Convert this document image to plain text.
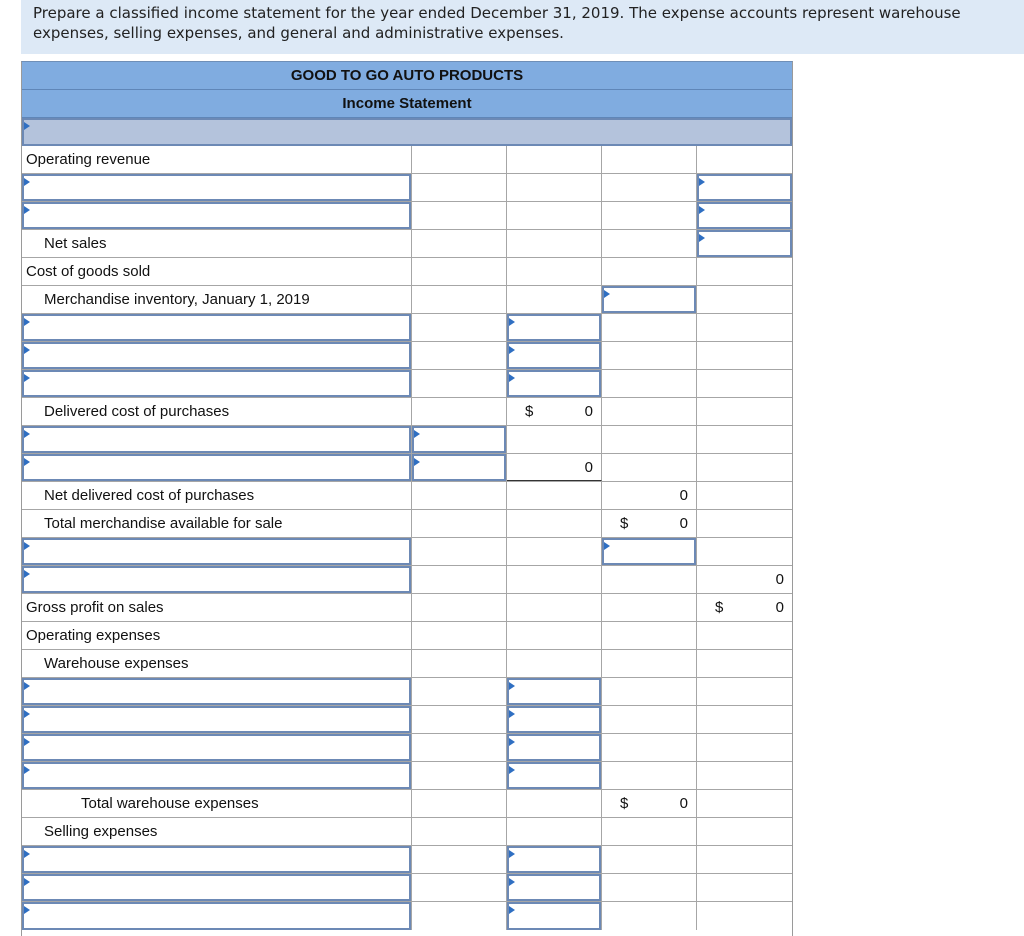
Prepare a classified income statement for the year ended December 31, 2019. The expense accounts represent warehouse expenses, selling expenses, and general and administrative expenses.
GOOD TO GO AUTO PRODUCTS
Income Statement
Operating revenue
Net sales
Cost of goods sold
Merchandise inventory, January 1, 2019
Delivered cost of purchases	$	0
0
Net delivered cost of purchases	0
Total merchandise available for sale	$	0
0
Gross profit on sales	$	0
Operating expenses
Warehouse expenses
Total warehouse expenses	$	0
Selling expenses
